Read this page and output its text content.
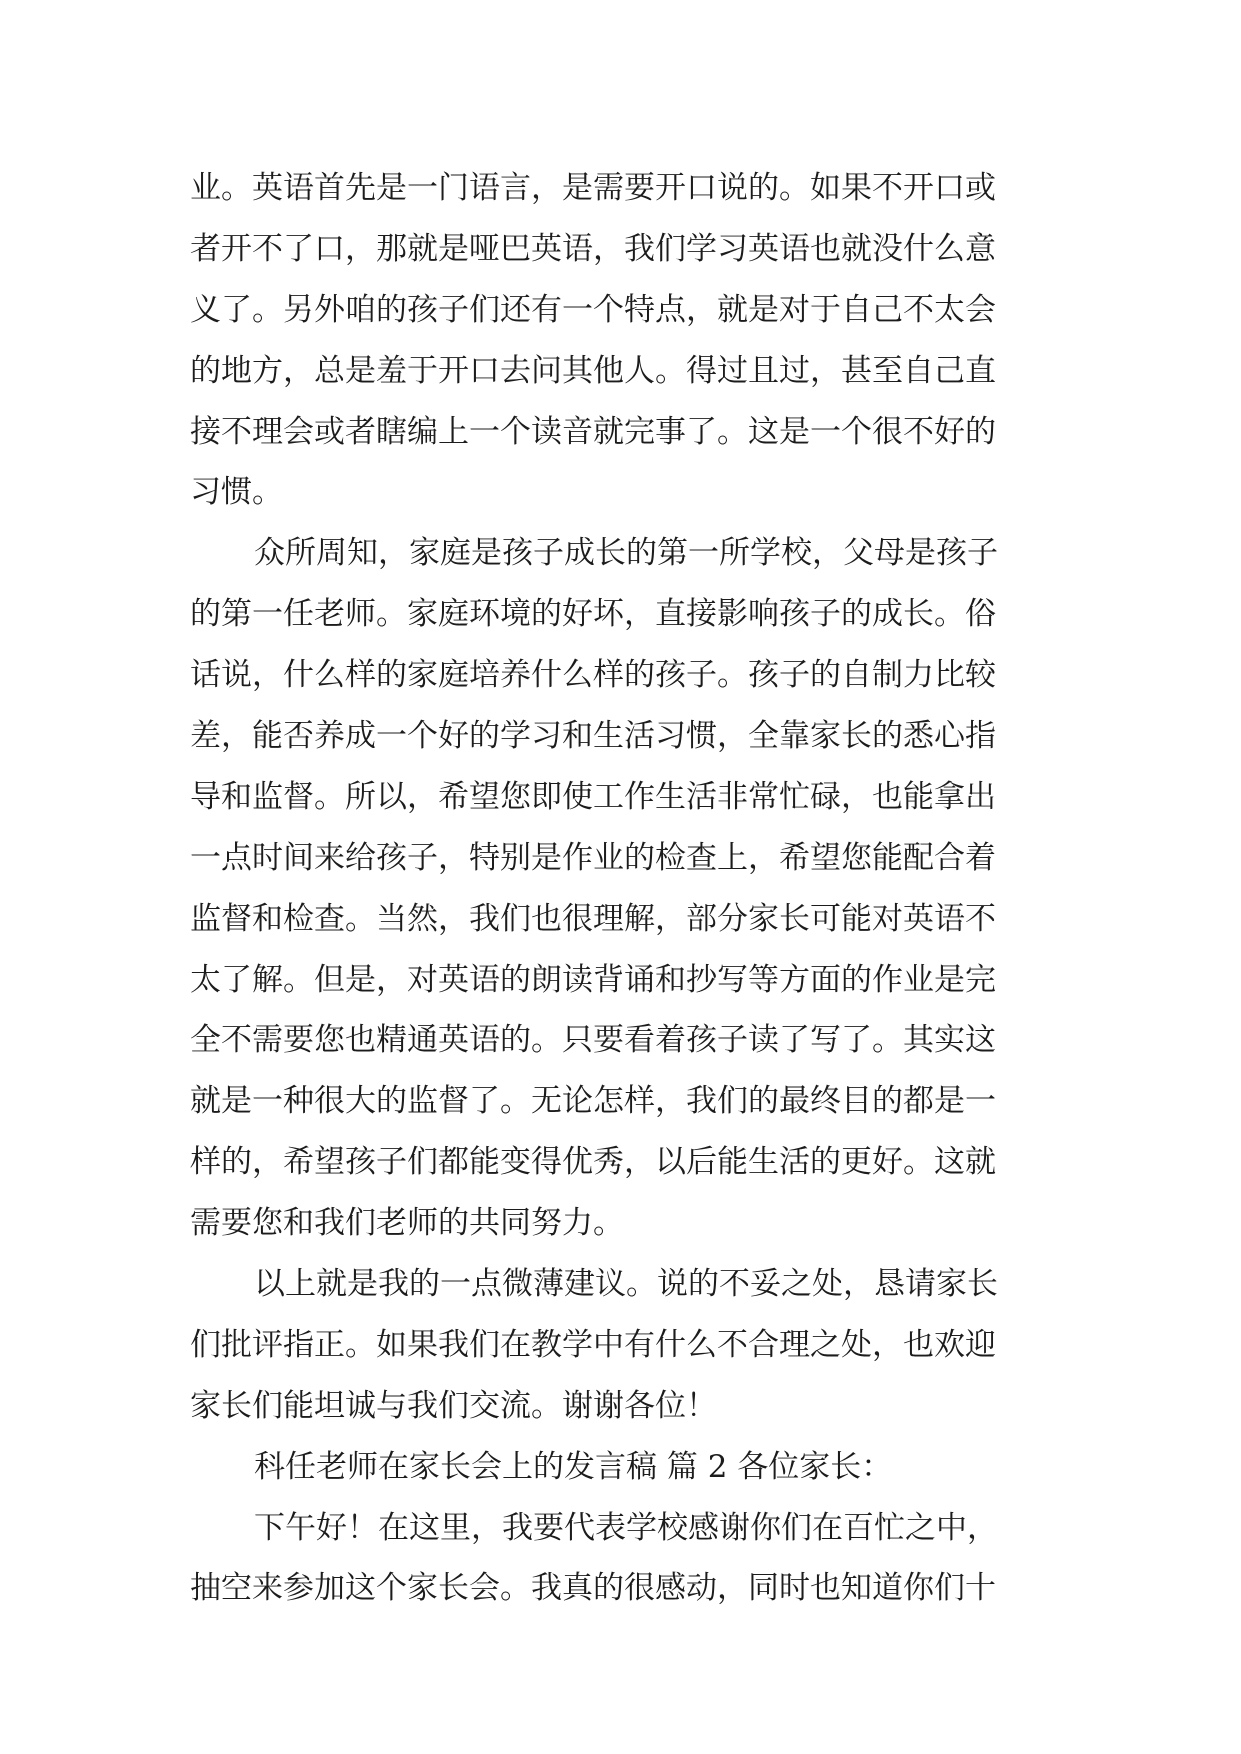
业。英语首先是一门语言，是需要开口说的。如果不开口或
者开不了口，那就是哑巴英语，我们学习英语也就没什么意
义了。另外咱的孩子们还有一个特点，就是对于自己不太会
的地方，总是羞于开口去问其他人。得过且过，甚至自己直
接不理会或者瞎编上一个读音就完事了。这是一个很不好的
习惯。
众所周知，家庭是孩子成长的第一所学校，父母是孩子
的第一任老师。家庭环境的好坏，直接影响孩子的成长。俗
话说，什么样的家庭培养什么样的孩子。孩子的自制力比较
差，能否养成一个好的学习和生活习惯，全靠家长的悉心指
导和监督。所以，希望您即使工作生活非常忙碌，也能拿出
一点时间来给孩子，特别是作业的检查上，希望您能配合着
监督和检查。当然，我们也很理解，部分家长可能对英语不
太了解。但是，对英语的朗读背诵和抄写等方面的作业是完
全不需要您也精通英语的。只要看着孩子读了写了。其实这
就是一种很大的监督了。无论怎样，我们的最终目的都是一
样的，希望孩子们都能变得优秀，以后能生活的更好。这就
需要您和我们老师的共同努力。
以上就是我的一点微薄建议。说的不妥之处，恳请家长
们批评指正。如果我们在教学中有什么不合理之处，也欢迎
家长们能坦诚与我们交流。谢谢各位！
科任老师在家长会上的发言稿 篇 2 各位家长：
下午好！在这里，我要代表学校感谢你们在百忙之中，
抽空来参加这个家长会。我真的很感动，同时也知道你们十
